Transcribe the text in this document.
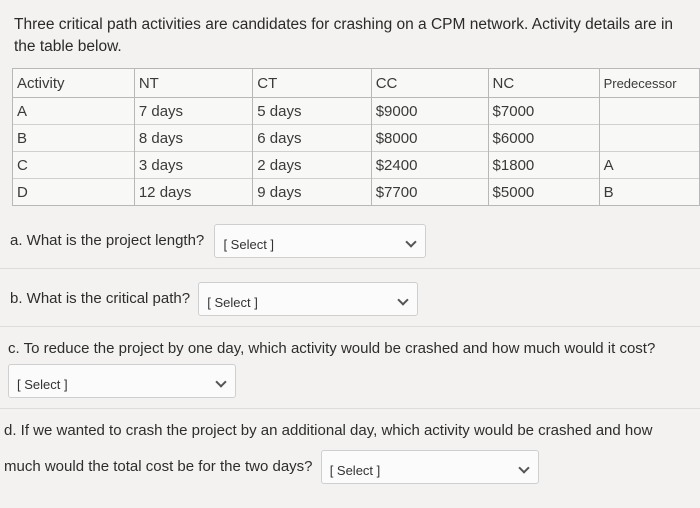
Three critical path activities are candidates for crashing on a CPM network. Activity details are in the table below.
Activity	NT	CT	CC	NC	Predecessor
A	7 days	5 days	$9000	$7000	
B	8 days	6 days	$8000	$6000	
C	3 days	2 days	$2400	$1800	A
D	12 days	9 days	$7700	$5000	B
a. What is the project length? [ Select ]
b. What is the critical path? [ Select ]
c. To reduce the project by one day, which activity would be crashed and how much would it cost?
[ Select ]
d. If we wanted to crash the project by an additional day, which activity would be crashed and how
much would the total cost be for the two days? [ Select ]
